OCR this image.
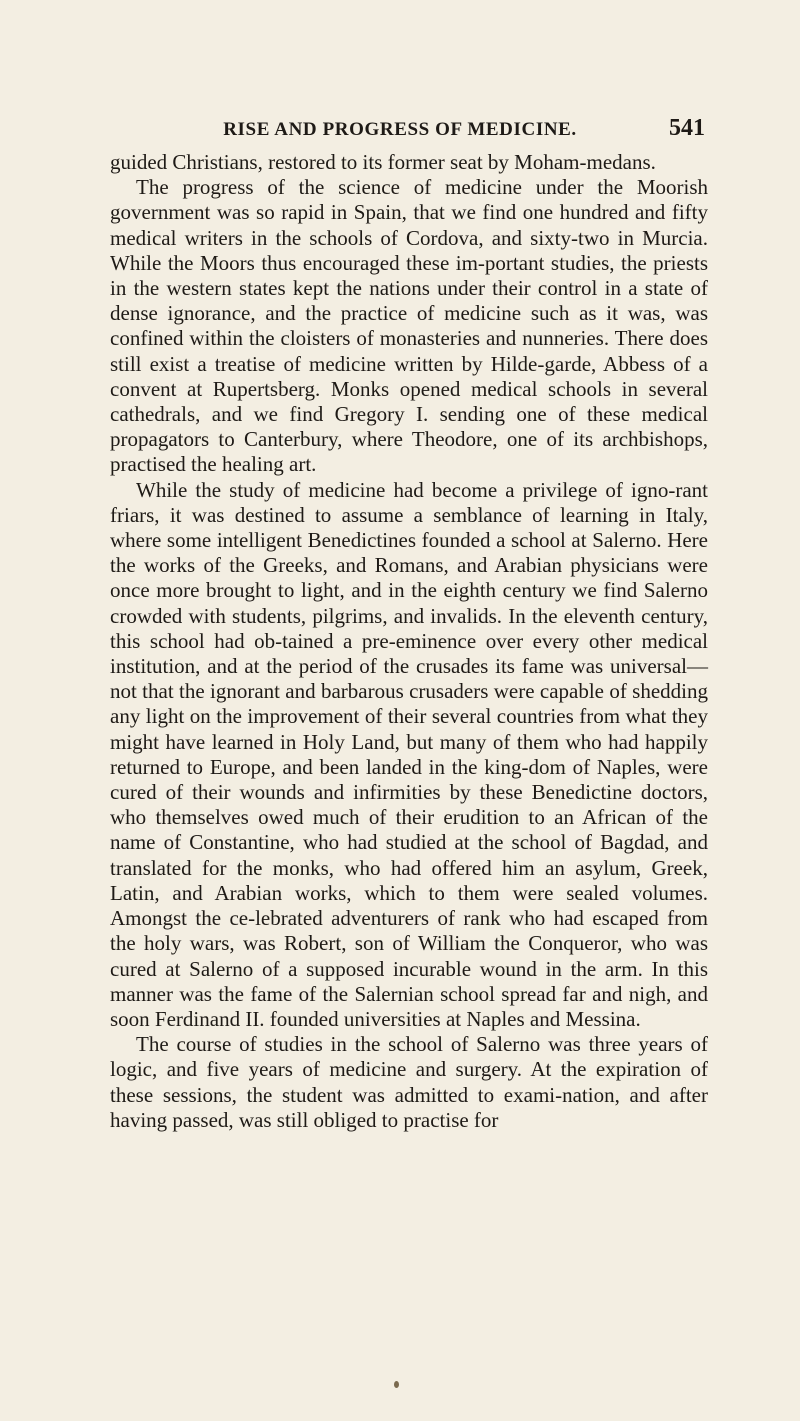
RISE AND PROGRESS OF MEDICINE.	541

guided Christians, restored to its former seat by Moham-medans.

The progress of the science of medicine under the Moorish government was so rapid in Spain, that we find one hundred and fifty medical writers in the schools of Cordova, and sixty-two in Murcia. While the Moors thus encouraged these im-portant studies, the priests in the western states kept the nations under their control in a state of dense ignorance, and the practice of medicine such as it was, was confined within the cloisters of monasteries and nunneries. There does still exist a treatise of medicine written by Hilde-garde, Abbess of a convent at Rupertsberg. Monks opened medical schools in several cathedrals, and we find Gregory I. sending one of these medical propagators to Canterbury, where Theodore, one of its archbishops, practised the healing art.

While the study of medicine had become a privilege of igno-rant friars, it was destined to assume a semblance of learning in Italy, where some intelligent Benedictines founded a school at Salerno. Here the works of the Greeks, and Romans, and Arabian physicians were once more brought to light, and in the eighth century we find Salerno crowded with students, pilgrims, and invalids. In the eleventh century, this school had ob-tained a pre-eminence over every other medical institution, and at the period of the crusades its fame was universal—not that the ignorant and barbarous crusaders were capable of shedding any light on the improvement of their several countries from what they might have learned in Holy Land, but many of them who had happily returned to Europe, and been landed in the king-dom of Naples, were cured of their wounds and infirmities by these Benedictine doctors, who themselves owed much of their erudition to an African of the name of Constantine, who had studied at the school of Bagdad, and translated for the monks, who had offered him an asylum, Greek, Latin, and Arabian works, which to them were sealed volumes. Amongst the ce-lebrated adventurers of rank who had escaped from the holy wars, was Robert, son of William the Conqueror, who was cured at Salerno of a supposed incurable wound in the arm. In this manner was the fame of the Salernian school spread far and nigh, and soon Ferdinand II. founded universities at Naples and Messina.

The course of studies in the school of Salerno was three years of logic, and five years of medicine and surgery. At the expiration of these sessions, the student was admitted to exami-nation, and after having passed, was still obliged to practise for
